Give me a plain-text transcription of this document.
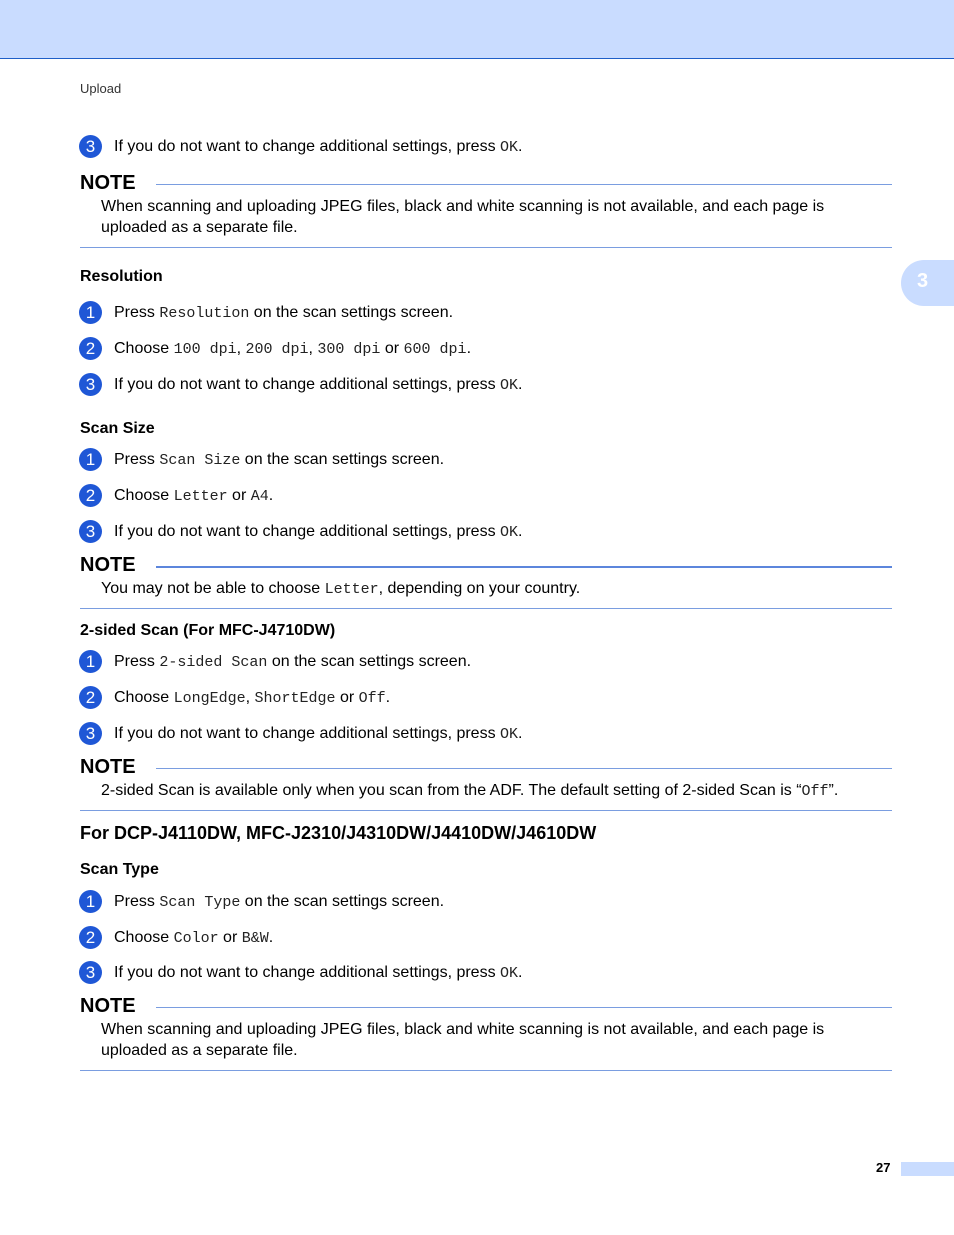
Upload
3
3	If you do not want to change additional settings, press OK.
NOTE
When scanning and uploading JPEG files, black and white scanning is not available, and each page is uploaded as a separate file.
Resolution
1	Press Resolution on the scan settings screen.
2	Choose 100 dpi, 200 dpi, 300 dpi or 600 dpi.
3	If you do not want to change additional settings, press OK.
Scan Size
1	Press Scan Size on the scan settings screen.
2	Choose Letter or A4.
3	If you do not want to change additional settings, press OK.
NOTE
You may not be able to choose Letter, depending on your country.
2-sided Scan (For MFC-J4710DW)
1	Press 2-sided Scan on the scan settings screen.
2	Choose LongEdge, ShortEdge or Off.
3	If you do not want to change additional settings, press OK.
NOTE
2-sided Scan is available only when you scan from the ADF. The default setting of 2-sided Scan is “Off”.
For DCP-J4110DW, MFC-J2310/J4310DW/J4410DW/J4610DW
Scan Type
1	Press Scan Type on the scan settings screen.
2	Choose Color or B&W.
3	If you do not want to change additional settings, press OK.
NOTE
When scanning and uploading JPEG files, black and white scanning is not available, and each page is uploaded as a separate file.
27
